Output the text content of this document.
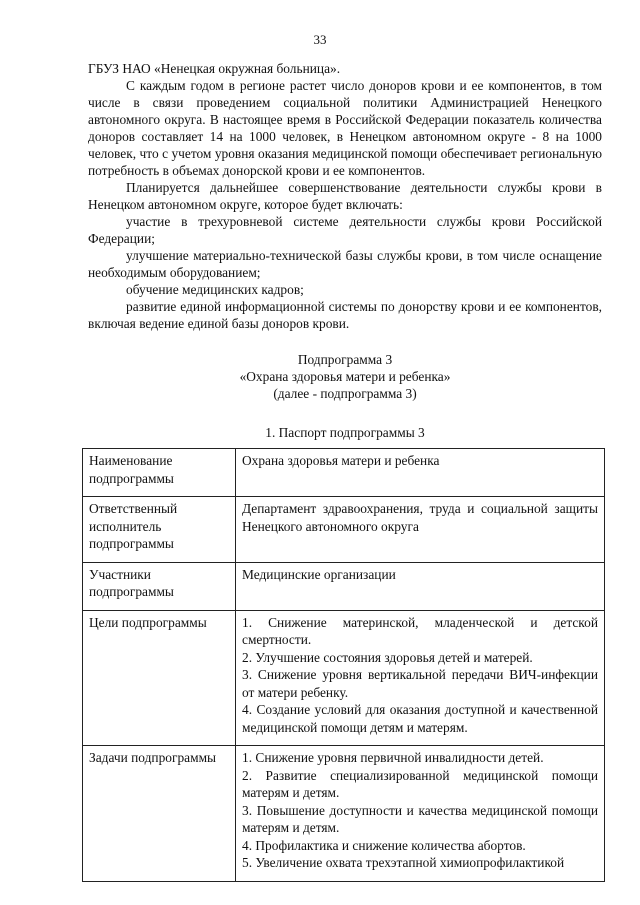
33

ГБУЗ НАО «Ненецкая окружная больница».

С каждым годом в регионе растет число доноров крови и ее компонентов, в том числе в связи проведением социальной политики Администрацией Ненецкого автономного округа. В настоящее время в Российской Федерации показатель количества доноров составляет 14 на 1000 человек, в Ненецком автономном округе - 8 на 1000 человек, что с учетом уровня оказания медицинской помощи обеспечивает региональную потребность в объемах донорской крови и ее компонентов.

Планируется дальнейшее совершенствование деятельности службы крови в Ненецком автономном округе, которое будет включать:

участие в трехуровневой системе деятельности службы крови Российской Федерации;

улучшение материально-технической базы службы крови, в том числе оснащение необходимым оборудованием;

обучение медицинских кадров;

развитие единой информационной системы по донорству крови и ее компонентов, включая ведение единой базы доноров крови.

Подпрограмма 3

«Охрана здоровья матери и ребенка»

(далее - подпрограмма 3)

1. Паспорт подпрограммы 3

Наименование подпрограммы	Охрана здоровья матери и ребенка

Ответственный исполнитель подпрограммы	Департамент здравоохранения, труда и социальной защиты Ненецкого автономного округа

Участники подпрограммы	Медицинские организации

Цели подпрограммы	1. Снижение материнской, младенческой и детской смертности.
2. Улучшение состояния здоровья детей и матерей.
3. Снижение уровня вертикальной передачи ВИЧ-инфекции от матери ребенку.
4. Создание условий для оказания доступной и качественной медицинской помощи детям и матерям.

Задачи подпрограммы	1. Снижение уровня первичной инвалидности детей.
2. Развитие специализированной медицинской помощи матерям и детям.
3. Повышение доступности и качества медицинской помощи матерям и детям.
4. Профилактика и снижение количества абортов.
5. Увеличение охвата трехэтапной химиопрофилактикой
